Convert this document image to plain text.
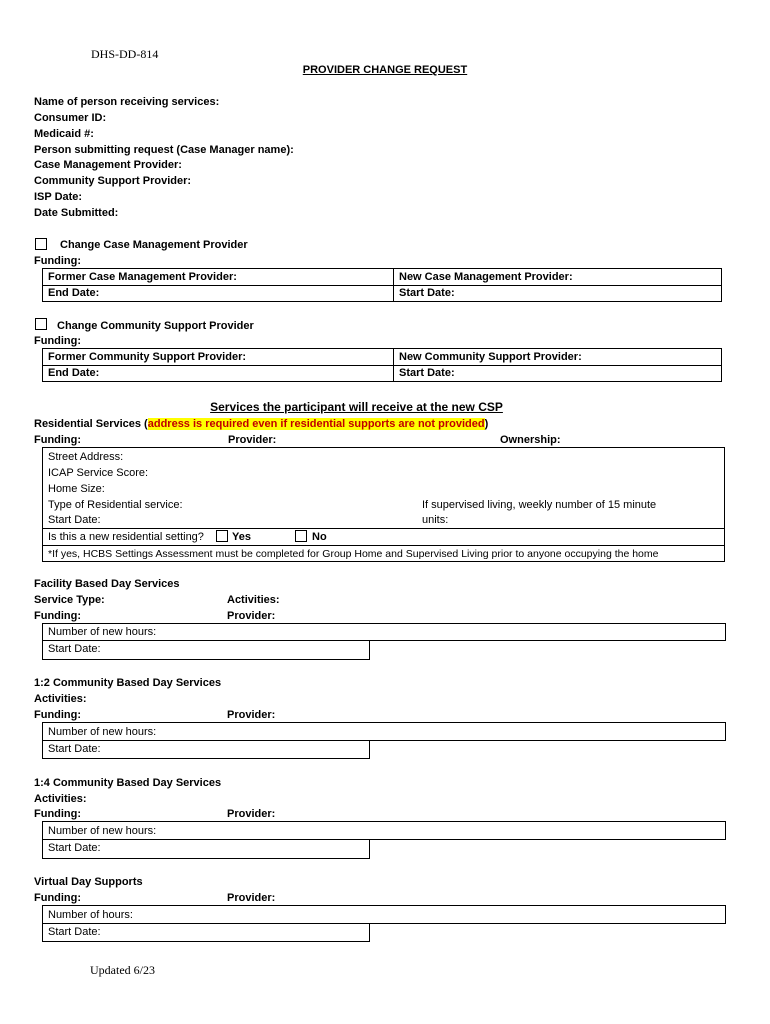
DHS-DD-814
PROVIDER CHANGE REQUEST
Name of person receiving services:
Consumer ID:
Medicaid #:
Person submitting request (Case Manager name):
Case Management Provider:
Community Support Provider:
ISP Date:
Date Submitted:
Change Case Management Provider
Funding:
Former Case Management Provider:	New Case Management Provider:
End Date:	Start Date:
Change Community Support Provider
Funding:
Former Community Support Provider:	New Community Support Provider:
End Date:	Start Date:
Services the participant will receive at the new CSP
Residential Services (address is required even if residential supports are not provided)
Funding:	Provider:	Ownership:
Street Address:
ICAP Service Score:
Home Size:
Type of Residential service:
Start Date:
If supervised living, weekly number of 15 minute
units:
Is this a new residential setting?	Yes	No
*If yes, HCBS Settings Assessment must be completed for Group Home and Supervised Living prior to anyone occupying the home
Facility Based Day Services
Service Type:	Activities:
Funding:	Provider:
Number of new hours:
Start Date:
1:2 Community Based Day Services
Activities:
Funding:	Provider:
Number of new hours:
Start Date:
1:4 Community Based Day Services
Activities:
Funding:	Provider:
Number of new hours:
Start Date:
Virtual Day Supports
Funding:	Provider:
Number of hours:
Start Date:
Updated 6/23
